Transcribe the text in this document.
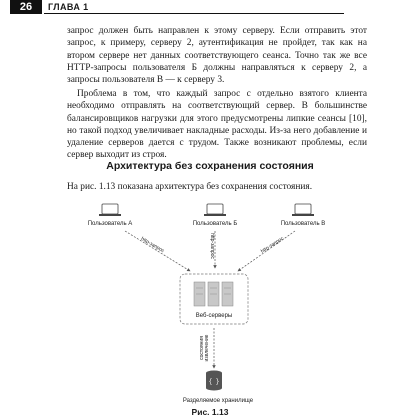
26	ГЛАВА 1

запрос должен быть направлен к этому серверу. Если отправить этот запрос, к примеру, серверу 2, аутентификация не пройдет, так как на втором сервере нет данных соответствующего сеанса. Точно так же все HTTP-запросы пользователя Б должны направляться к серверу 2, а запросы пользователя В — к серверу 3.

Проблема в том, что каждый запрос с отдельно взятого клиента необходимо отправлять на соответствующий сервер. В большинстве балансировщиков нагрузки для этого предусмотрены липкие сеансы [10], но такой подход увеличивает накладные расходы. Из-за него добавление и удаление серверов дается с трудом. Также возникают проблемы, если сервер выходит из строя.

Архитектура без сохранения состояния
На рис. 1.13 показана архитектура без сохранения состояния.
Пользователь А	Пользователь Б	Пользователь В
http-запрос	http-запрос	http-запрос
Веб-серверы
извлечение
состояния
{ }
Разделяемое хранилище
Рис. 1.13
